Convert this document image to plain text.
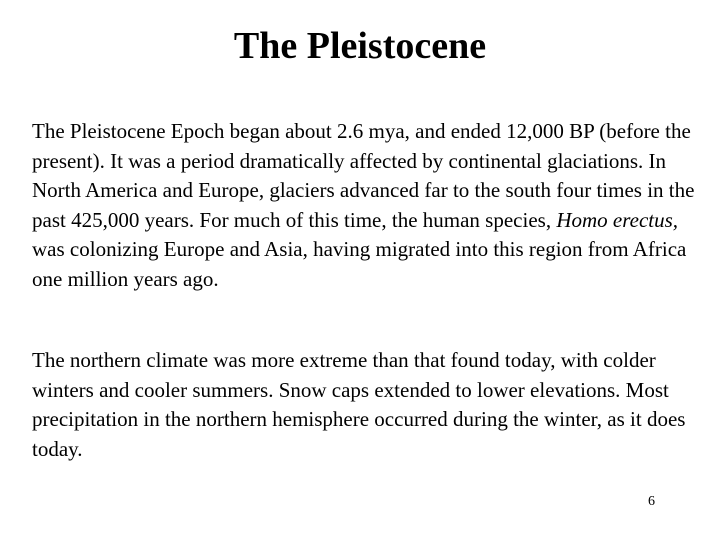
The Pleistocene

The Pleistocene Epoch began about 2.6 mya, and ended 12,000 BP (before the present). It was a period dramatically affected by continental glaciations. In North America and Europe, glaciers advanced far to the south four times in the past 425,000 years. For much of this time, the human species, Homo erectus, was colonizing Europe and Asia, having migrated into this region from Africa one million years ago.

The northern climate was more extreme than that found today, with colder winters and cooler summers. Snow caps extended to lower elevations. Most precipitation in the northern hemisphere occurred during the winter, as it does today.

6
